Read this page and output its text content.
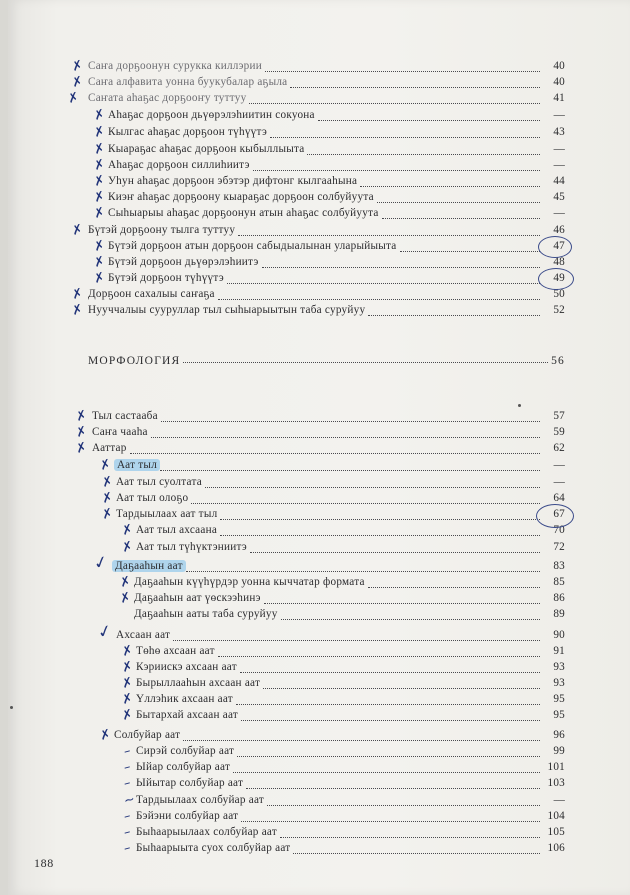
Саҥа дорҕоонун сурукка киллэрии	40
Саҥа алфавита уонна буукубалар аҕыла	40
Саҥата аһаҕас дорҕооҥу туттуу	41
Аһаҕас дорҕоон дьүөрэлэһиитин сокуона	—
Кылгас аһаҕас дорҕоон түһүүтэ	43
Кыараҕас аһаҕас дорҕоон кыбыллыыта	—
Аһаҕас дорҕоон силлиһиитэ	—
Уһун аһаҕас дорҕоон эбэтэр дифтонг кылгааһына	44
Киэҥ аһаҕас дорҕоону кыараҕас дорҕоон солбуйуута	45
Сыһыарыы аһаҕас дорҕоонун атын аһаҕас солбуйуута	—
Бүтэй дорҕоону тылга туттуу	46
Бүтэй дорҕоон атын дорҕоон сабыдыалынан уларыйыыта	47
Бүтэй дорҕоон дьүөрэлэһиитэ	48
Бүтэй дорҕоон түһүүтэ	49
Дорҕоон сахалыы саҥаҕа	50
Нууччалыы сууруллар тыл сыһыарыытын таба суруйуу	52
МОРФОЛОГИЯ	56
Тыл састааба	57
Саҥа чааһа	59
Ааттар	62
Аат тыл	—
Аат тыл суолтата	—
Аат тыл олоҕо	64
Тардыылаах аат тыл	67
Аат тыл ахсаана	70
Аат тыл түһүктэниитэ	72
Даҕааһын аат	83
Даҕааһын күүһүрдэр уонна кыччатар формата	85
Даҕааһын аат үөскээһинэ	86
Даҕааһын ааты таба суруйуу	89
Ахсаан аат	90
Төһө ахсаан аат	91
Кэриискэ ахсаан аат	93
Бырыллааһын ахсаан аат	93
Үллэһик ахсаан аат	95
Бытархай ахсаан аат	95
Солбуйар аат	96
Сирэй солбуйар аат	99
Ыйар солбуйар аат	101
Ыйытар солбуйар аат	103
Тардыылаах солбуйар аат	—
Бэйэни солбуйар аат	104
Быһаарыылаах солбуйар аат	105
Быһаарыыта суох солбуйар аат	106
✗
✗
✗
✗
✗
✗
✗
✗
✗
✗
✗
✗
✗
✗
✗
✗
✗
✗
✗
✗
✗
✗
✗
✗
✗
✓
✗
✗
✓
✗
✗
✗
✗
✗
✗
–
–
–
~
–
–
–
188
